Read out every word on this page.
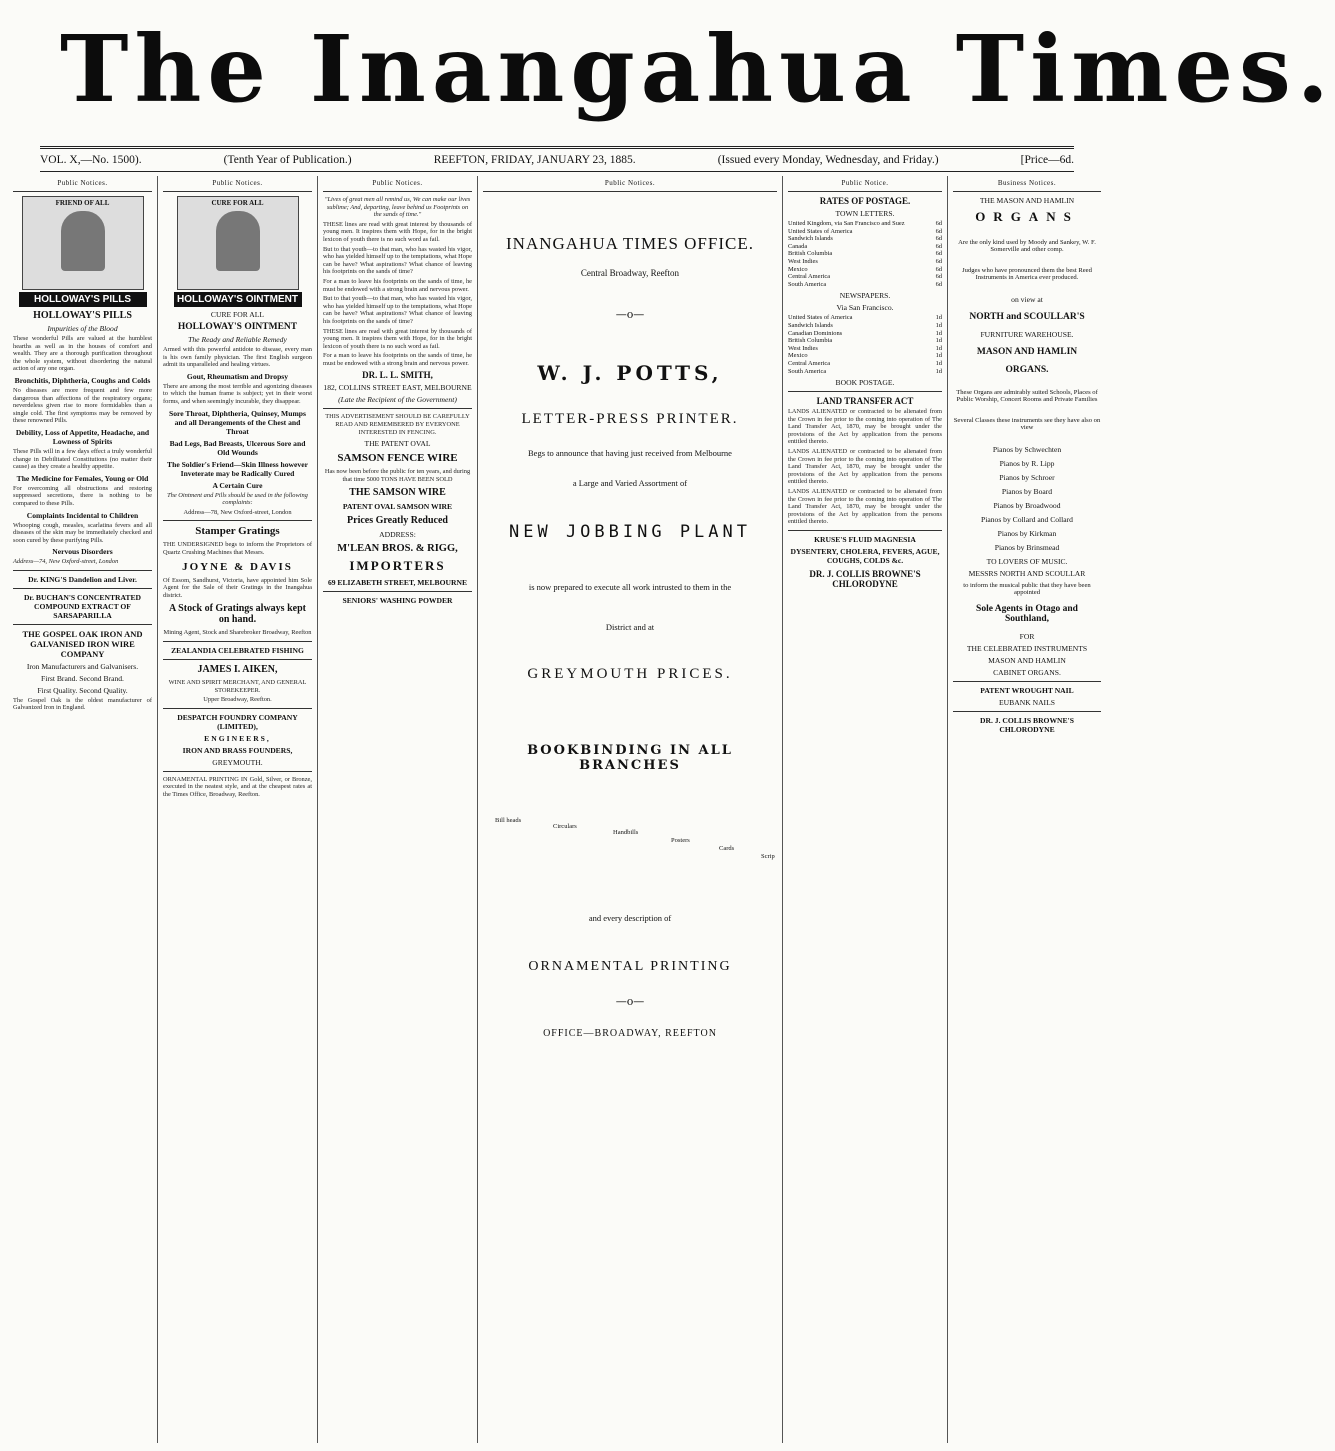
The Inangahua Times.
VOL. X,—No. 1500).	(Tenth Year of Publication.)	REEFTON, FRIDAY, JANUARY 23, 1885.	(Issued every Monday, Wednesday, and Friday.)	[Price—6d.
Public Notices.
FRIEND OF ALL
HOLLOWAY'S PILLS
HOLLOWAY'S PILLS
Impurities of the Blood

These wonderful Pills are valued at the humblest hearths as well as in the houses of comfort and wealth. They are a thorough purification throughout the whole system, without disordering the natural action of any one organ.

Bronchitis, Diphtheria, Coughs and Colds

No diseases are more frequent and few more dangerous than affections of the respiratory organs; neverdeless given rise to more formidables than a single cold. The first symptoms may be removed by these renowned Pills.

Debility, Loss of Appetite, Headache, and Lowness of Spirits

These Pills will in a few days effect a truly wonderful change in Debilitated Constitutions (no matter their cause) as they create a healthy appetite.

The Medicine for Females, Young or Old

For overcoming all obstructions and restoring suppressed secretions, there is nothing to be compared to these Pills.

Complaints Incidental to Children

Whooping cough, measles, scarlatina fevers and all diseases of the skin may be immediately checked and soon cured by these purifying Pills.

Nervous Disorders

Address—74, New Oxford-street, London

Dr. KING'S Dandelion and Liver.
Dr. BUCHAN'S CONCENTRATED COMPOUND EXTRACT OF SARSAPARILLA
THE GOSPEL OAK IRON AND GALVANISED IRON WIRE COMPANY
Iron Manufacturers and Galvanisers.
First Brand. Second Brand.
First Quality. Second Quality.

The Gospel Oak is the oldest manufacturer of Galvanized Iron in England.

Public Notices.
CURE FOR ALL
HOLLOWAY'S OINTMENT
CURE FOR ALL
HOLLOWAY'S OINTMENT
The Ready and Reliable Remedy

Armed with this powerful antidote to disease, every man is his own family physician. The first English surgeon admit its unparalleled and healing virtues.

Gout, Rheumatism and Dropsy

There are among the most terrible and agonizing diseases to which the human frame is subject; yet in their worst forms, and when seemingly incurable, they disappear.

Sore Throat, Diphtheria, Quinsey, Mumps and all Derangements of the Chest and Throat
Bad Legs, Bad Breasts, Ulcerous Sore and Old Wounds
The Soldier's Friend—Skin Illness however Inveterate may be Radically Cured
A Certain Cure

The Ointment and Pills should be used in the following complaints:

Address—78, New Oxford-street, London

Stamper Gratings

THE UNDERSIGNED begs to inform the Proprietors of Quartz Crushing Machines that Messrs.

JOYNE & DAVIS

Of Essom, Sandhurst, Victoria, have appointed him Sole Agent for the Sale of their Gratings in the Inangahua district.

A Stock of Gratings always kept on hand.

Mining Agent, Stock and Sharebroker Broadway, Reefton

ZEALANDIA CELEBRATED FISHING
JAMES I. AIKEN,

WINE AND SPIRIT MERCHANT, AND GENERAL STOREKEEPER.

Upper Broadway, Reefton.

DESPATCH FOUNDRY COMPANY (LIMITED),
ENGINEERS,
IRON AND BRASS FOUNDERS,
GREYMOUTH.

ORNAMENTAL PRINTING IN Gold, Silver, or Bronze, executed in the neatest style, and at the cheapest rates at the Times Office, Broadway, Reefton.

Public Notices.

"Lives of great men all remind us, We can make our lives sublime; And, departing, leave behind us Footprints on the sands of time."

THESE lines are read with great interest by thousands of young men. It inspires them with Hope, for in the bright lexicon of youth there is no such word as fail.

But to that youth—to that man, who has wasted his vigor, who has yielded himself up to the temptations, what Hope can be have? What aspirations? What chance of leaving his footprints on the sands of time?

For a man to leave his footprints on the sands of time, he must be endowed with a strong brain and nervous power.

But to that youth—to that man, who has wasted his vigor, who has yielded himself up to the temptations, what Hope can be have? What aspirations? What chance of leaving his footprints on the sands of time?

THESE lines are read with great interest by thousands of young men. It inspires them with Hope, for in the bright lexicon of youth there is no such word as fail.

For a man to leave his footprints on the sands of time, he must be endowed with a strong brain and nervous power.

DR. L. L. SMITH,
182, COLLINS STREET EAST, MELBOURNE
(Late the Recipient of the Government)

THIS ADVERTISEMENT SHOULD BE CAREFULLY READ AND REMEMBERED BY EVERYONE INTERESTED IN FENCING.

THE PATENT OVAL
SAMSON FENCE WIRE

Has now been before the public for ten years, and during that time 5000 TONS HAVE BEEN SOLD

THE SAMSON WIRE
PATENT OVAL SAMSON WIRE
Prices Greatly Reduced
ADDRESS:
M'LEAN BROS. & RIGG,
IMPORTERS
69 ELIZABETH STREET, MELBOURNE
SENIORS' WASHING POWDER
Public Notices.
INANGAHUA TIMES OFFICE.
Central Broadway, Reefton
—o—
W. J. POTTS,
LETTER-PRESS PRINTER.
Begs to announce that having just received from Melbourne
a Large and Varied Assortment of
NEW JOBBING PLANT
is now prepared to execute all work intrusted to them in the
District and at
GREYMOUTH PRICES.
BOOKBINDING IN ALL BRANCHES
Bill heads
Circulars
Handbills
Posters
Cards
Scrip
and every description of
ORNAMENTAL PRINTING
—o—
OFFICE—BROADWAY, REEFTON
Public Notice.
RATES OF POSTAGE.
TOWN LETTERS.
United Kingdom, via San Francisco and Suez	6d
United States of America	6d
Sandwich Islands	6d
Canada	6d
British Columbia	6d
West Indies	6d
Mexico	6d
Central America	6d
South America	6d
NEWSPAPERS.
Via San Francisco.
United States of America	1d
Sandwich Islands	1d
Canadian Dominions	1d
British Columbia	1d
West Indies	1d
Mexico	1d
Central America	1d
South America	1d
BOOK POSTAGE.
LAND TRANSFER ACT

LANDS ALIENATED or contracted to be alienated from the Crown in fee prior to the coming into operation of The Land Transfer Act, 1870, may be brought under the provisions of the Act by application from the persons entitled thereto.

LANDS ALIENATED or contracted to be alienated from the Crown in fee prior to the coming into operation of The Land Transfer Act, 1870, may be brought under the provisions of the Act by application from the persons entitled thereto.

LANDS ALIENATED or contracted to be alienated from the Crown in fee prior to the coming into operation of The Land Transfer Act, 1870, may be brought under the provisions of the Act by application from the persons entitled thereto.

KRUSE'S FLUID MAGNESIA
DYSENTERY, CHOLERA, FEVERS, AGUE, COUGHS, COLDS &c.
DR. J. COLLIS BROWNE'S CHLORODYNE
Business Notices.
THE MASON AND HAMLIN
ORGANS

Are the only kind used by Moody and Sankey, W. F. Somerville and other comp.

Judges who have pronounced them the best Reed Instruments in America ever produced.

on view at
NORTH and SCOULLAR'S
FURNITURE WAREHOUSE.
MASON AND HAMLIN
ORGANS.

These Organs are admirably suited Schools, Places of Public Worship, Concert Rooms and Private Families

Several Classes these instruments see they have also on view

Pianos by Schwechten
Pianos by R. Lipp
Pianos by Schroer
Pianos by Board
Pianos by Broadwood
Pianos by Collard and Collard
Pianos by Kirkman
Pianos by Brinsmead
TO LOVERS OF MUSIC.
MESSRS NORTH AND SCOULLAR

to inform the musical public that they have been appointed

Sole Agents in Otago and Southland,
FOR
THE CELEBRATED INSTRUMENTS
MASON AND HAMLIN
CABINET ORGANS.
PATENT WROUGHT NAIL
EUBANK NAILS
DR. J. COLLIS BROWNE'S CHLORODYNE
